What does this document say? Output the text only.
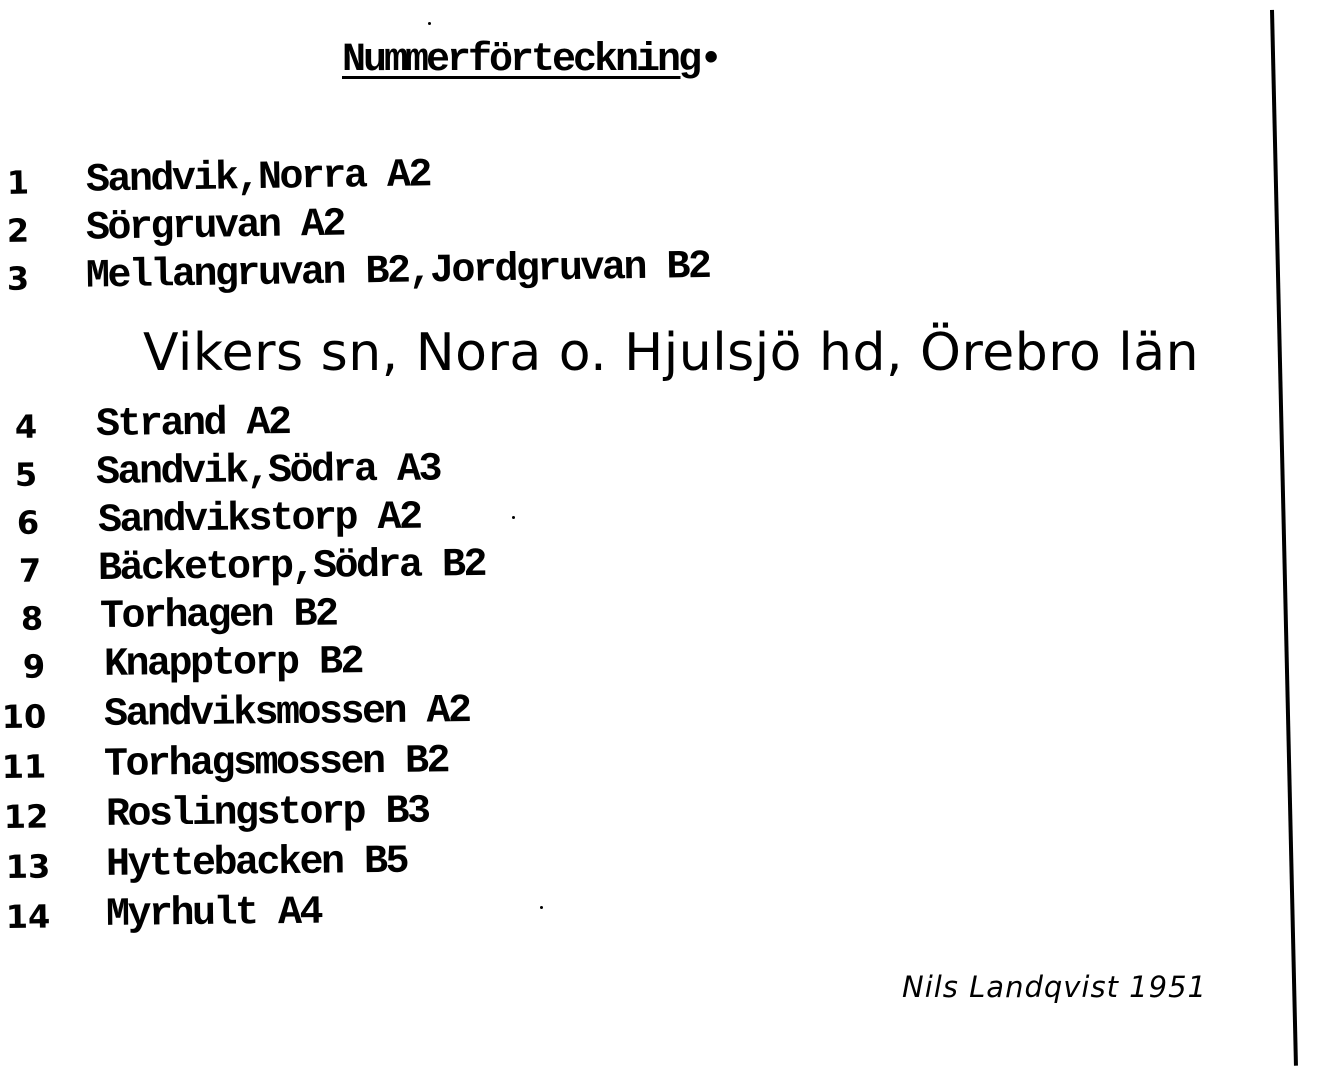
Nummerförteckning•
1	Sandvik,Norra A2
2	Sörgruvan A2
3	Mellangruvan B2,Jordgruvan B2
Vikers sn, Nora o. Hjulsjö hd, Örebro län
4	Strand A2
5	Sandvik,Södra A3
6	Sandvikstorp A2
7	Bäcketorp,Södra B2
8	Torhagen B2
9	Knapptorp B2
10 Sandviksmossen A2
11 Torhagsmossen B2
12 Roslingstorp B3
13 Hyttebacken B5
14 Myrhult A4
Nils Landqvist 1951
